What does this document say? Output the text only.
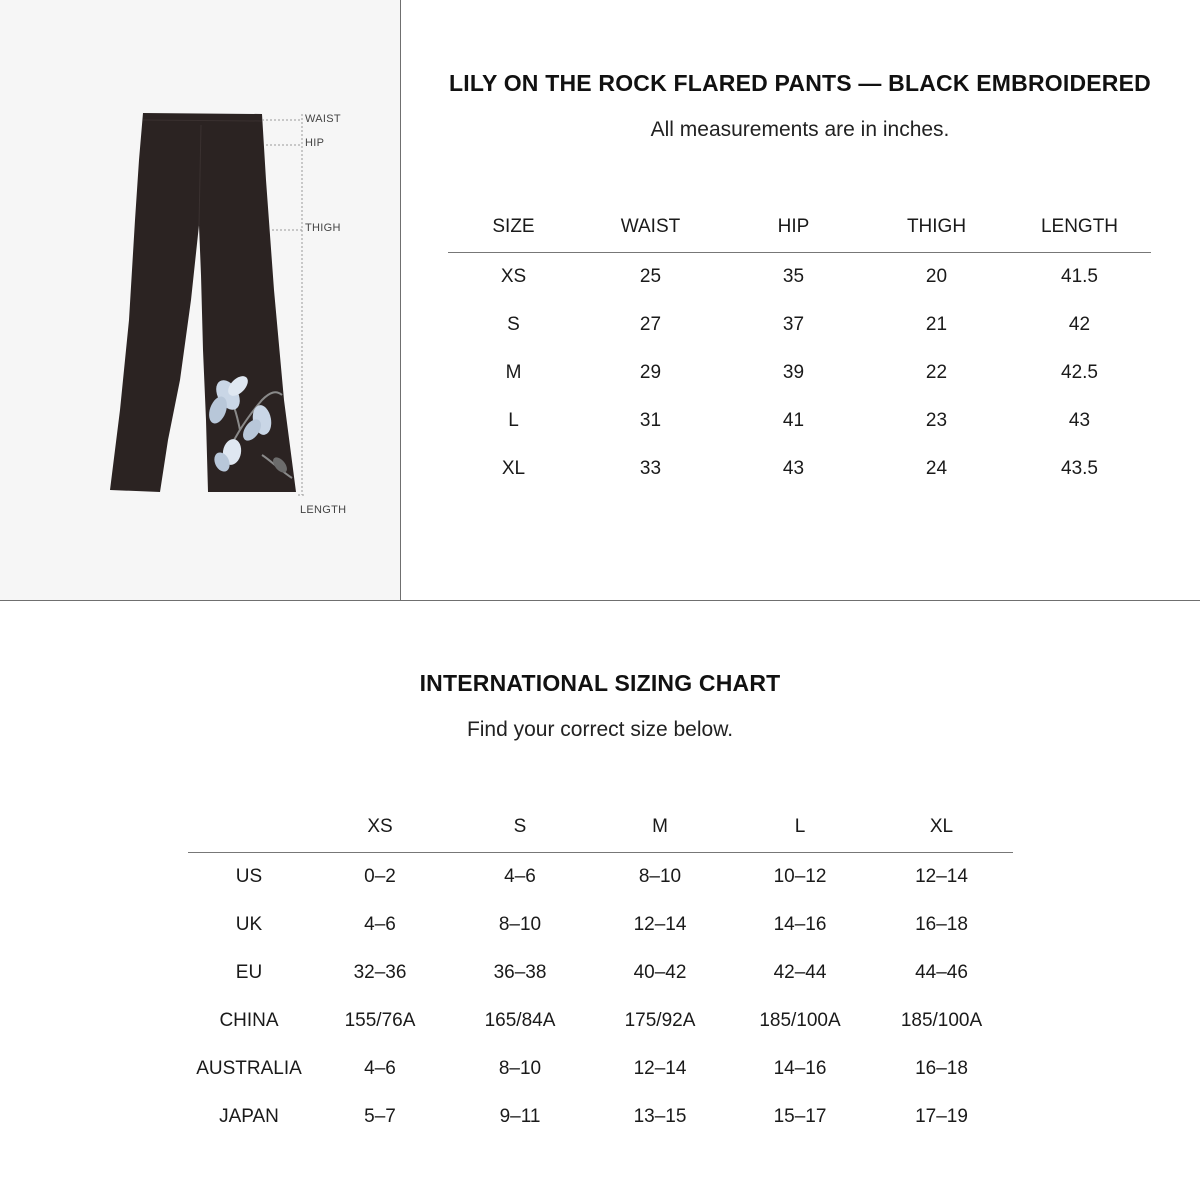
WAIST
HIP
THIGH
LENGTH
LILY ON THE ROCK FLARED PANTS — BLACK EMBROIDERED
All measurements are in inches.
SIZE	WAIST	HIP	THIGH	LENGTH
XS	25	35	20	41.5
S	27	37	21	42
M	29	39	22	42.5
L	31	41	23	43
XL	33	43	24	43.5
INTERNATIONAL SIZING CHART
Find your correct size below.
	XS	S	M	L	XL
US	0–2	4–6	8–10	10–12	12–14
UK	4–6	8–10	12–14	14–16	16–18
EU	32–36	36–38	40–42	42–44	44–46
CHINA	155/76A	165/84A	175/92A	185/100A	185/100A
AUSTRALIA	4–6	8–10	12–14	14–16	16–18
JAPAN	5–7	9–11	13–15	15–17	17–19
